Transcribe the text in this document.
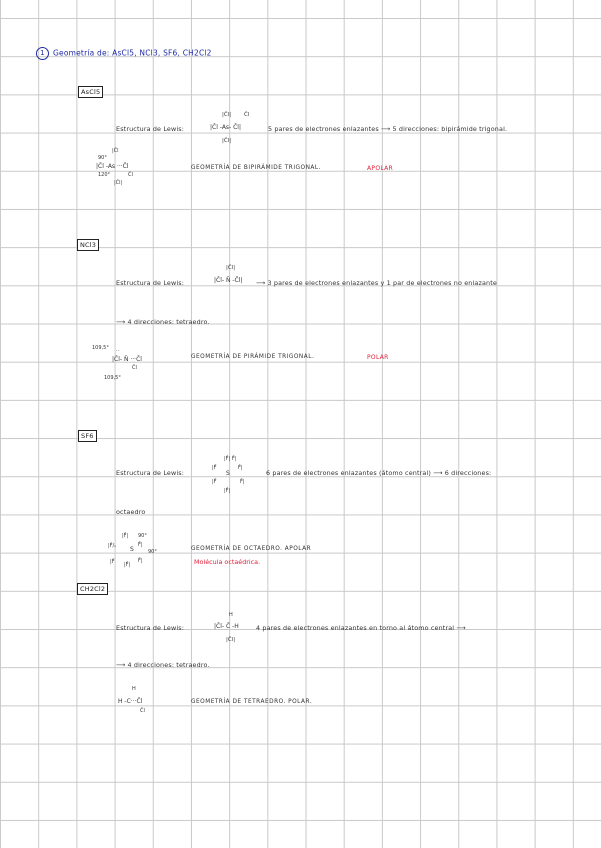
1 Geometría de: AsCl5, NCl3, SF6, CH2Cl2
AsCl5
Estructura de Lewis:
|C̄l| C̄l
|C̄l -As- C̄l|
|C̄l|
5 pares de electrones enlazantes ⟶ 5 direcciones: bipirámide trigonal.
|C̄l
90°
|C̄l -As ···C̄l
C̄l
120°
|C̄l|
GEOMETRÍA DE BIPIRÁMIDE TRIGONAL.	APOLAR
NCl3
Estructura de Lewis:
|C̄l|
|C̄l- N̄ -C̄l| ⟶ 3 pares de electrones enlazantes y 1 par de electrones no enlazante
⟶ 4 direcciones: tetraedro.
109,5° ··
|C̄l- N̄ ···C̄l
C̄l
109,5°
GEOMETRÍA DE PIRÁMIDE TRIGONAL.	POLAR
SF6
Estructura de Lewis:
|F̄| F̄|
|F̄
S
F̄|
|F̄	F̄|
|F̄|
6 pares de electrones enlazantes (átomo central) ⟶ 6 direcciones:
octaedro
|F̄| 90°
|F̄/ₙ S
F̄|
90°
|F̄ |F̄|
F̄|
GEOMETRÍA DE OCTAEDRO. APOLAR
Molécula octaédrica.
CH2Cl2
Estructura de Lewis:
H
|C̄l- C̄ -H
|C̄l|
4 pares de electrones enlazantes en torno al átomo central ⟶
⟶ 4 direcciones: tetraedro.
H
H -C···C̄l
C̄l
GEOMETRÍA DE TETRAEDRO. POLAR.
